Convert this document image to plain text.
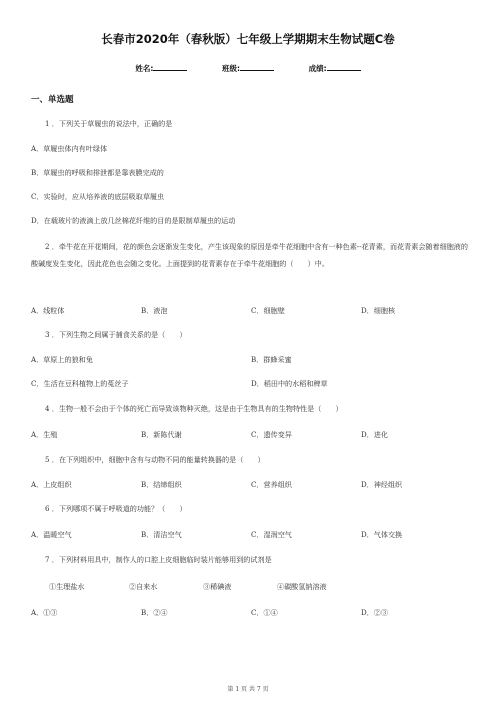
长春市2020年（春秋版）七年级上学期期末生物试题C卷
姓名:	班级:	成绩:
一、单选题
1 ．下列关于草履虫的说法中，正确的是
A．草履虫体内有叶绿体
B．草履虫的呼吸和排泄都是靠表膜完成的
C．实验时，应从培养液的底层吸取草履虫
D．在载玻片的液滴上放几丝棉花纤维的目的是限制草履虫的运动
2 ．牵牛花在开花期间，花的颜色会逐渐发生变化，产生该现象的原因是牵牛花细胞中含有一种色素--花青素，而花青素会随着细胞液的酸碱度发生变化，因此花色也会随之变化。上面提到的花青素存在于牵牛花细胞的（　　）中。
A．线粒体	B．液泡	C．细胞壁	D．细胞核
3 ．下列生物之间属于捕食关系的是（　　）
A．草原上的狼和兔	B．群蜂采蜜
C．生活在豆科植物上的菟丝子	D．稻田中的水稻和稗草
4 ．生物一般不会由于个体的死亡而导致该物种灭绝，这是由于生物具有的生物特性是（　　）
A．生殖	B．新陈代谢	C．遗传变异	D．进化
5 ．在下列组织中，细胞中含有与动物不同的能量转换器的是（　　）
A．上皮组织	B．结缔组织	C．营养组织	D．神经组织
6 ．下列哪项不属于呼吸道的功能？（　　）
A．温暖空气	B．清洁空气	C．湿润空气	D．气体交换
7 ．下列材料用具中，制作人的口腔上皮细胞临时装片能够用到的试剂是
①生理盐水	②自来水	③稀碘液	④碳酸氢钠溶液
A．①③	B．②④	C．①④	D．②③
第 1 页 共 7 页
